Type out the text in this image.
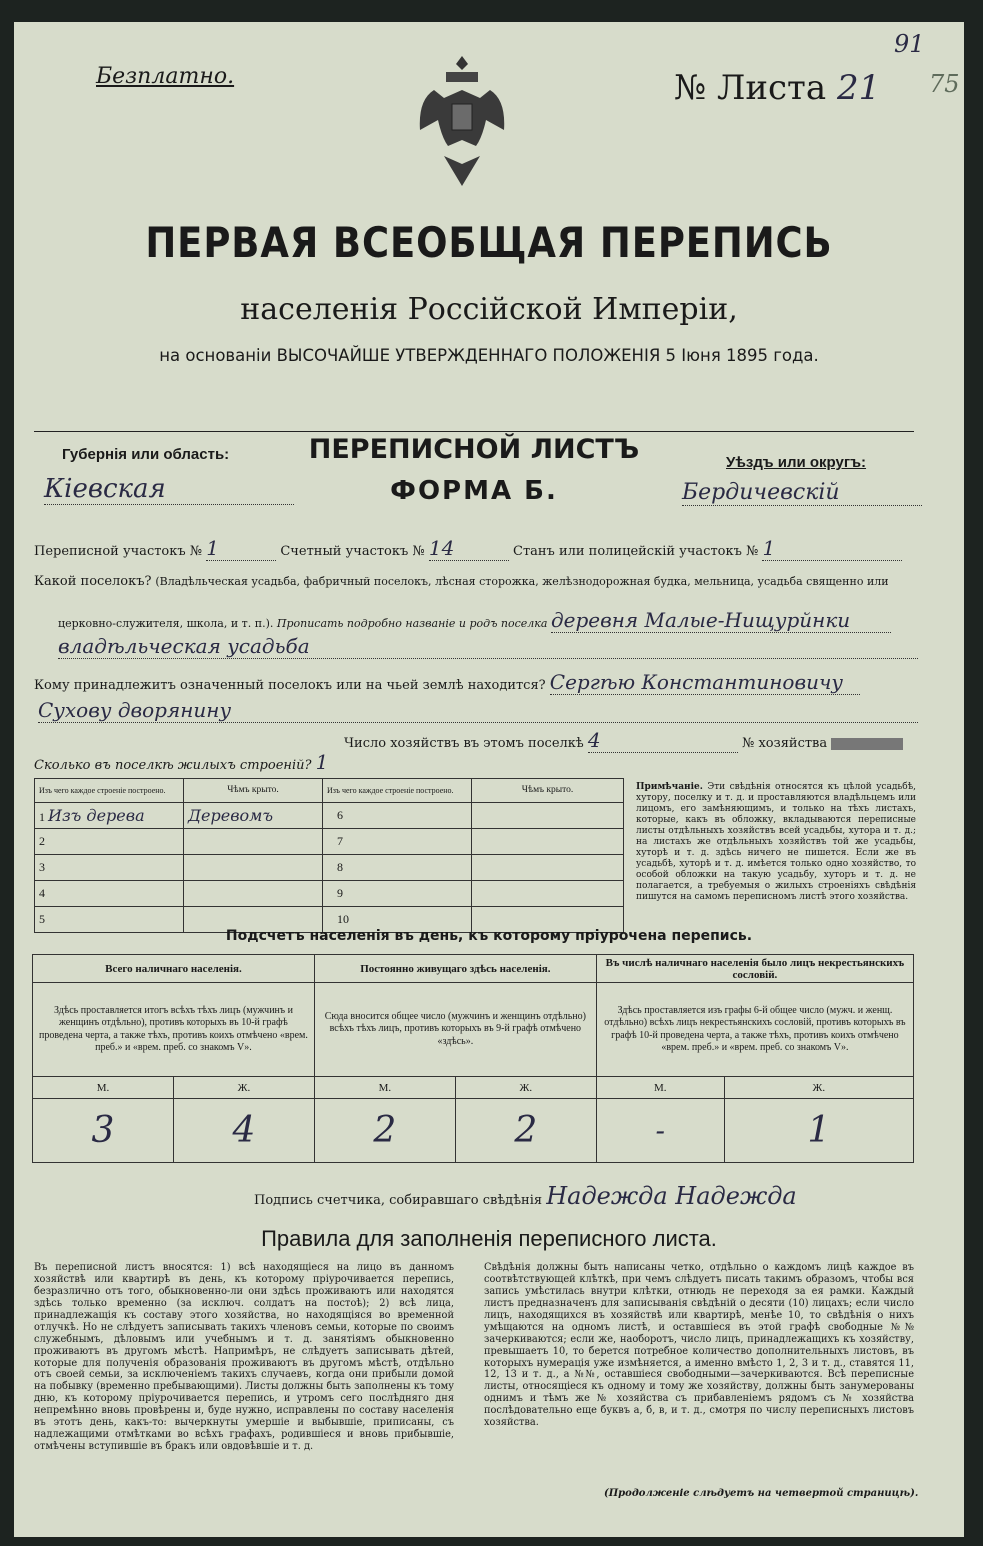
Безплатно.	№ Листа 21
91
75
ПЕРВАЯ ВСЕОБЩАЯ ПЕРЕПИСЬ
населенія Россійской Имперіи,
на основаніи ВЫСОЧАЙШЕ УТВЕРЖДЕННАГО ПОЛОЖЕНІЯ 5 Іюня 1895 года.
Губернія или область:
Кіевская
ПЕРЕПИСНОЙ ЛИСТЪ
ФОРМА Б.
Уѣздъ или округъ:
Бердичевскій
Переписной участокъ № 1	Счетный участокъ № 14	Станъ или полицейскій участокъ № 1
Какой поселокъ? (Владѣльческая усадьба, фабричный поселокъ, лѣсная сторожка, желѣзнодорожная будка, мельница, усадьба священно или
церковно-служителя, школа, и т. п.). Прописать подробно названіе и родъ поселка деревня Малые-Нищурйнки
владѣльческая усадьба
Кому принадлежитъ означенный поселокъ или на чьей землѣ находится? Сергѣю Константиновичу
Сухову дворянину
Число хозяйствъ въ этомъ поселкѣ 4	№ хозяйства
Сколько въ поселкѣ жилыхъ строеній? 1
Изъ чего каждое строеніе построено.	Чѣмъ крыто.	Изъ чего каждое строеніе построено.	Чѣмъ крыто.
1 Изъ дерева	Деревомъ	6	
2		7	
3		8	
4		9	
5		10	
Примѣчаніе. Эти свѣдѣнія относятся къ цѣлой усадьбѣ, хутору, поселку и т. д. и проставляются владѣльцемъ или лицомъ, его замѣняющимъ, и только на тѣхъ листахъ, которые, какъ въ обложку, вкладываются переписные листы отдѣльныхъ хозяйствъ всей усадьбы, хутора и т. д.; на листахъ же отдѣльныхъ хозяйствъ той же усадьбы, хуторѣ и т. д. здѣсь ничего не пишется. Если же въ усадьбѣ, хуторѣ и т. д. имѣется только одно хозяйство, то особой обложки на такую усадьбу, хуторъ и т. д. не полагается, а требуемыя о жилыхъ строеніяхъ свѣдѣнія пишутся на самомъ переписномъ листѣ этого хозяйства.
Подсчетъ населенія въ день, къ которому пріурочена перепись.
Всего наличнаго населенія.		Постоянно живущаго здѣсь населенія.		Въ числѣ наличнаго населенія было лицъ некрестьянскихъ сословій.	
Здѣсь проставляется итогъ всѣхъ тѣхъ лицъ (мужчинъ и женщинъ отдѣльно), противъ которыхъ въ 10-й графѣ проведена черта, а также тѣхъ, противъ коихъ отмѣчено «врем. преб.» и «врем. преб. со знакомъ V».		Сюда вносится общее число (мужчинъ и женщинъ отдѣльно) всѣхъ тѣхъ лицъ, противъ которыхъ въ 9-й графѣ отмѣчено «здѣсь».		Здѣсь проставляется изъ графы 6-й общее число (мужч. и женщ. отдѣльно) всѣхъ лицъ некрестьянскихъ сословій, противъ которыхъ въ графѣ 10-й проведена черта, а также тѣхъ, противъ коихъ отмѣчено «врем. преб.» и «врем. преб. со знакомъ V».	
М.	Ж.	М.	Ж.	М.	Ж.
3	4	2	2	-	1
Подпись счетчика, собиравшаго свѣдѣнія Надежда Надежда
Правила для заполненія переписного листа.
Въ переписной листъ вносятся: 1) всѣ находящіеся на лицо въ данномъ хозяйствѣ или квартирѣ въ день, къ которому пріурочивается перепись, безразлично отъ того, обыкновенно-ли они здѣсь проживаютъ или находятся здѣсь только временно (за исключ. солдатъ на постоѣ); 2) всѣ лица, принадлежащія къ составу этого хозяйства, но находящіяся во временной отлучкѣ. Но не слѣдуетъ записывать такихъ членовъ семьи, которые по своимъ служебнымъ, дѣловымъ или учебнымъ и т. д. занятіямъ обыкновенно проживаютъ въ другомъ мѣстѣ. Напримѣръ, не слѣдуетъ записывать дѣтей, которые для полученія образованія проживаютъ въ другомъ мѣстѣ, отдѣльно отъ своей семьи, за исключеніемъ такихъ случаевъ, когда они прибыли домой на побывку (временно пребывающими). Листы должны быть заполнены къ тому дню, къ которому пріурочивается перепись, и утромъ сего послѣдняго дня непремѣнно вновь провѣрены и, буде нужно, исправлены по составу населенія въ этотъ день, какъ-то: вычеркнуты умершіе и выбывшіе, приписаны, съ надлежащими отмѣтками во всѣхъ графахъ, родившіеся и вновь прибывшіе, отмѣчены вступившіе въ бракъ или овдовѣвшіе и т. д.
Свѣдѣнія должны быть написаны четко, отдѣльно о каждомъ лицѣ каждое въ соотвѣтствующей клѣткѣ, при чемъ слѣдуетъ писать такимъ образомъ, чтобы вся запись умѣстилась внутри клѣтки, отнюдь не переходя за ея рамки. Каждый листъ предназначенъ для записыванія свѣдѣній о десяти (10) лицахъ; если число лицъ, находящихся въ хозяйствѣ или квартирѣ, менѣе 10, то свѣдѣнія о нихъ умѣщаются на одномъ листѣ, и оставшіеся въ этой графѣ свободные №№ зачеркиваются; если же, наоборотъ, число лицъ, принадлежащихъ къ хозяйству, превышаетъ 10, то берется потребное количество дополнительныхъ листовъ, въ которыхъ нумерація уже измѣняется, а именно вмѣсто 1, 2, 3 и т. д., ставятся 11, 12, 13 и т. д., а №№, оставшіеся свободными—зачеркиваются. Всѣ переписные листы, относящіеся къ одному и тому же хозяйству, должны быть занумерованы однимъ и тѣмъ же № хозяйства съ прибавленіемъ рядомъ съ № хозяйства послѣдовательно еще буквъ а, б, в, и т. д., смотря по числу переписныхъ листовъ хозяйства.
(Продолженіе слѣдуетъ на четвертой страницѣ).
